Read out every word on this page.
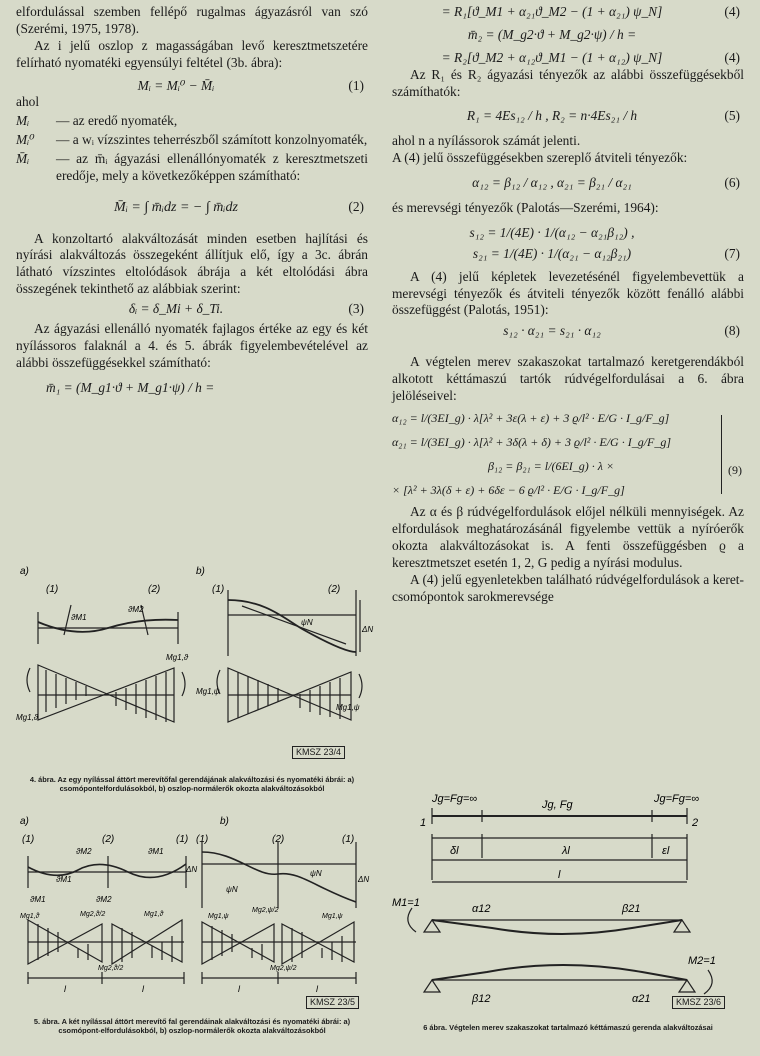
elfordulással szemben fellépő rugalmas ágyazásról van szó (Szerémi, 1975, 1978).

Az i jelű oszlop z magasságában levő keresztmetszetére felírható nyomatéki egyensúlyi feltétel (3b. ábra):

Mᵢ = Mᵢ⁰ − M̄ᵢ	(1)

ahol

Mᵢ	— az eredő nyomaték,
Mᵢ⁰	— a wᵢ vízszintes teherrészből számított konzolnyomaték,
M̄ᵢ	— az m̄ᵢ ágyazási ellenállónyomaték z keresztmetszeti eredője, mely a következőképpen számítható:
M̄ᵢ = ∫ m̄ᵢdz = − ∫ m̄ᵢdz	(2)

A konzoltartó alakváltozását minden esetben hajlítási és nyírási alakváltozás összegeként állítjuk elő, így a 3c. ábrán látható vízszintes eltolódások ábrája a két eltolódási ábra összegének tekinthető az alábbiak szerint:

δᵢ = δ_Mi + δ_Ti.	(3)

Az ágyazási ellenálló nyomaték fajlagos értéke az egy és két nyílássoros falaknál a 4. és 5. ábrák figyelembevételével az alábbi összefüggésekkel számítható:

m̄₁ = (M_g1·ϑ + M_g1·ψ) / h =
a)	b)
(1)	(2)	(1)	(2)
ϑM1
ϑM2
ψN
ΔN
Mg1,ϑ
Mg1,ϑ
Mg1,ψ
Mg1,ψ
KMSZ 23/4

4. ábra. Az egy nyílással áttört merevítőfal gerendájának alakváltozási és nyomatéki ábrái: a) csomópontelfordulásokból, b) oszlop-normálerők okozta alakváltozásokból

a)	b)
(1)	(2)	(1) (1)	(2)	(1)
ϑM2	ϑM1
ϑM1	ϑM2
ϑM1
ΔN
ΔN
ψN
ψN
Mg1,ϑ	Mg2,ϑ/2
Mg2,ϑ/2
Mg1,ϑ	Mg1,ψ
Mg2,ψ/2
Mg2,ψ/2
Mg1,ψ
l	l	l	l
KMSZ 23/5

5. ábra. A két nyílással áttört merevítő fal gerendáinak alakváltozási és nyomatéki ábrái: a) csomópont-elfordulásokból, b) oszlop-normálerők okozta alakváltozásokból

= R₁[ϑ_M1 + α₂₁ϑ_M2 − (1 + α₂₁) ψ_N]	(4)
m̄₂ = (M_g2·ϑ + M_g2·ψ) / h =
= R₂[ϑ_M2 + α₁₂ϑ_M1 − (1 + α₁₂) ψ_N]	(4)

Az R₁ és R₂ ágyazási tényezők az alábbi összefüggésekből számíthatók:

R₁ = 4Es₁₂ / h , R₂ = n·4Es₂₁ / h	(5)

ahol n a nyílássorok számát jelenti.

A (4) jelű összefüggésekben szereplő átviteli tényezők:

α₁₂ = β₁₂ / α₁₂ , α₂₁ = β₂₁ / α₂₁	(6)

és merevségi tényezők (Palotás—Szerémi, 1964):

s₁₂ = 1/(4E) · 1/(α₁₂ − α₂₁β₁₂) ,
s₂₁ = 1/(4E) · 1/(α₂₁ − α₁₂β₂₁)	(7)

A (4) jelű képletek levezetésénél figyelembevettük a merevségi tényezők és átviteli tényezők között fenálló alábbi összefüggést (Palotás, 1951):

s₁₂ · α₂₁ = s₂₁ · α₁₂	(8)

A végtelen merev szakaszokat tartalmazó keretgerendákból alkotott kéttámaszú tartók rúdvégelfordulásai a 6. ábra jelöléseivel:

α₁₂ = l/(3EI_g) · λ[λ² + 3ε(λ + ε) + 3 ϱ/l² · E/G · I_g/F_g]
α₂₁ = l/(3EI_g) · λ[λ² + 3δ(λ + δ) + 3 ϱ/l² · E/G · I_g/F_g]
β₁₂ = β₂₁ = l/(6EI_g) · λ ×
× [λ² + 3λ(δ + ε) + 6δε − 6 ϱ/l² · E/G · I_g/F_g]
(9)

Az α és β rúdvégelfordulások előjel nélküli mennyiségek. Az elfordulások meghatározásánál figyelembe vettük a nyíróerők okozta alakváltozásokat is. A fenti összefüggésben ϱ a keresztmetszet esetén 1, 2, G pedig a nyírási modulus.

A (4) jelű egyenletekben található rúdvégelfordulások a keret-csomópontok sarokmerevsége

Jg=Fg=∞	Jg, Fg	Jg=Fg=∞
1	2
δl	λl	εl
l
M1=1
M2=1
α12	β21
β12	α21	KMSZ 23/6

6 ábra. Végtelen merev szakaszokat tartalmazó kéttámaszú gerenda alakváltozásai
